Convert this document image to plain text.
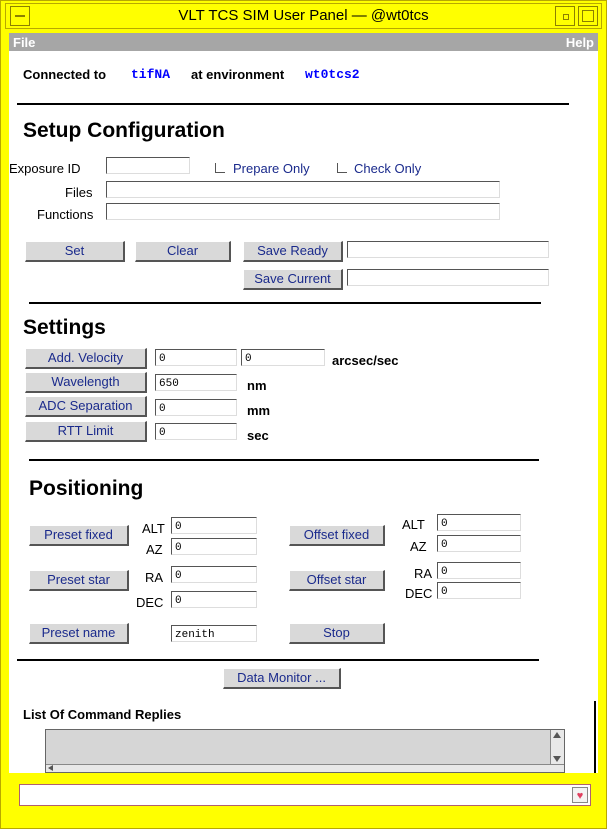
VLT TCS SIM User Panel — @wt0tcs
File	Help
Connected to tifNA at environment wt0tcs2
Setup Configuration
Exposure ID	Prepare Only	Check Only
Files
Functions
Set	Clear	Save Ready
Save Current
Settings
Add. Velocity	0	0	arcsec/sec
Wavelength	650	nm
ADC Separation	0	mm
RTT Limit	0	sec
Positioning
Preset fixed	ALT 0
AZ	0
Offset fixed
ALT	0
AZ	0
Preset star	RA	0
DEC	0
Offset star	RA 0
DEC 0
Preset name	zenith	Stop
Data Monitor ...
List Of Command Replies
♥
